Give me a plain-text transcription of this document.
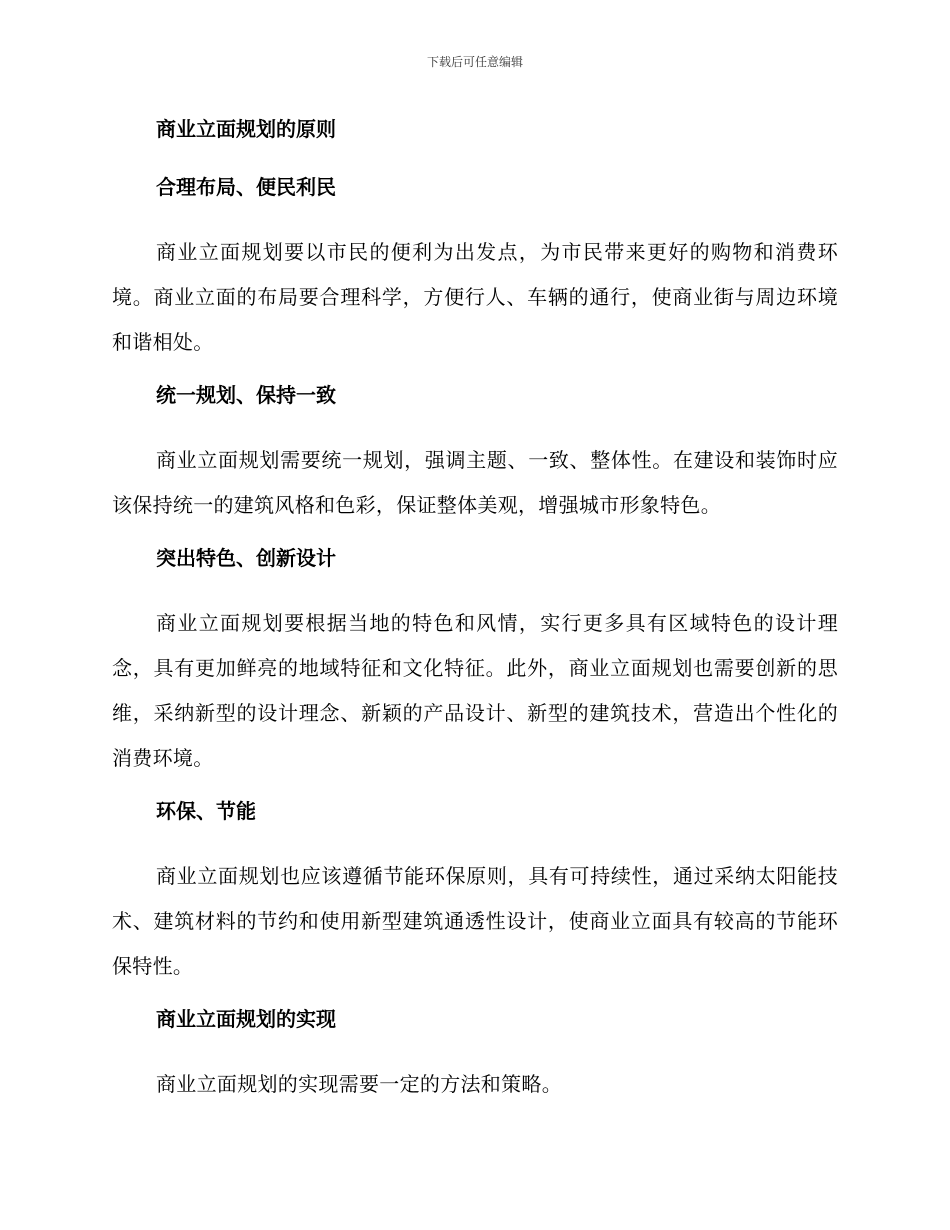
下载后可任意编辑
商业立面规划的原则
合理布局、便民利民
商业立面规划要以市民的便利为出发点，为市民带来更好的购物和消费环境。商业立面的布局要合理科学，方便行人、车辆的通行，使商业街与周边环境和谐相处。
统一规划、保持一致
商业立面规划需要统一规划，强调主题、一致、整体性。在建设和装饰时应该保持统一的建筑风格和色彩，保证整体美观，增强城市形象特色。
突出特色、创新设计
商业立面规划要根据当地的特色和风情，实行更多具有区域特色的设计理念，具有更加鲜亮的地域特征和文化特征。此外，商业立面规划也需要创新的思维，采纳新型的设计理念、新颖的产品设计、新型的建筑技术，营造出个性化的消费环境。
环保、节能
商业立面规划也应该遵循节能环保原则，具有可持续性，通过采纳太阳能技术、建筑材料的节约和使用新型建筑通透性设计，使商业立面具有较高的节能环保特性。
商业立面规划的实现
商业立面规划的实现需要一定的方法和策略。
